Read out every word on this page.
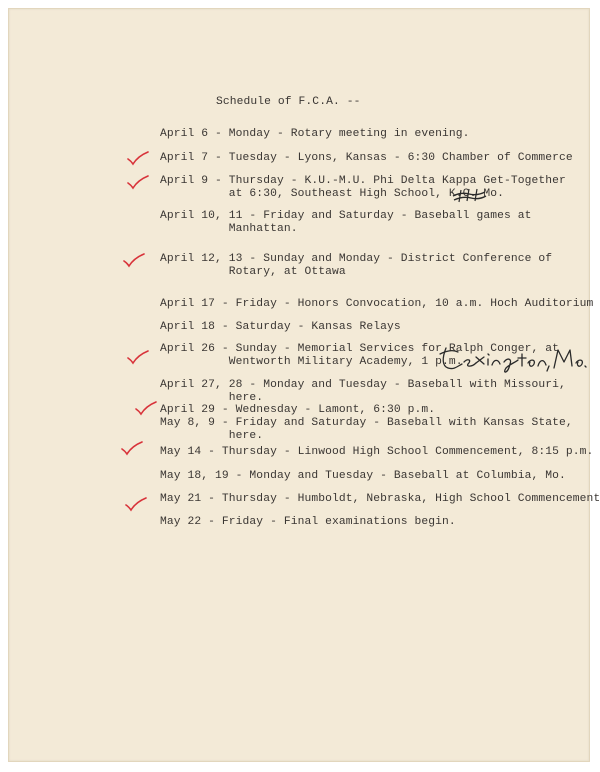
Schedule of F.C.A. --
April 6 - Monday - Rotary meeting in evening.
April 7 - Tuesday - Lyons, Kansas - 6:30 Chamber of Commerce
April 9 - Thursday - K.U.-M.U. Phi Delta Kappa Get-Together
at 6:30, Southeast High School, K.C. Mo.
April 10, 11 - Friday and Saturday - Baseball games at
Manhattan.
April 12, 13 - Sunday and Monday - District Conference of
Rotary, at Ottawa
April 17 - Friday - Honors Convocation, 10 a.m. Hoch Auditorium
April 18 - Saturday - Kansas Relays
April 26 - Sunday - Memorial Services for Ralph Conger, at
Wentworth Military Academy, 1 p.m.
April 27, 28 - Monday and Tuesday - Baseball with Missouri,
here.
April 29 - Wednesday - Lamont, 6:30 p.m.
May 8, 9 - Friday and Saturday - Baseball with Kansas State,
here.
May 14 - Thursday - Linwood High School Commencement, 8:15 p.m.
May 18, 19 - Monday and Tuesday - Baseball at Columbia, Mo.
May 21 - Thursday - Humboldt, Nebraska, High School Commencement
May 22 - Friday - Final examinations begin.
